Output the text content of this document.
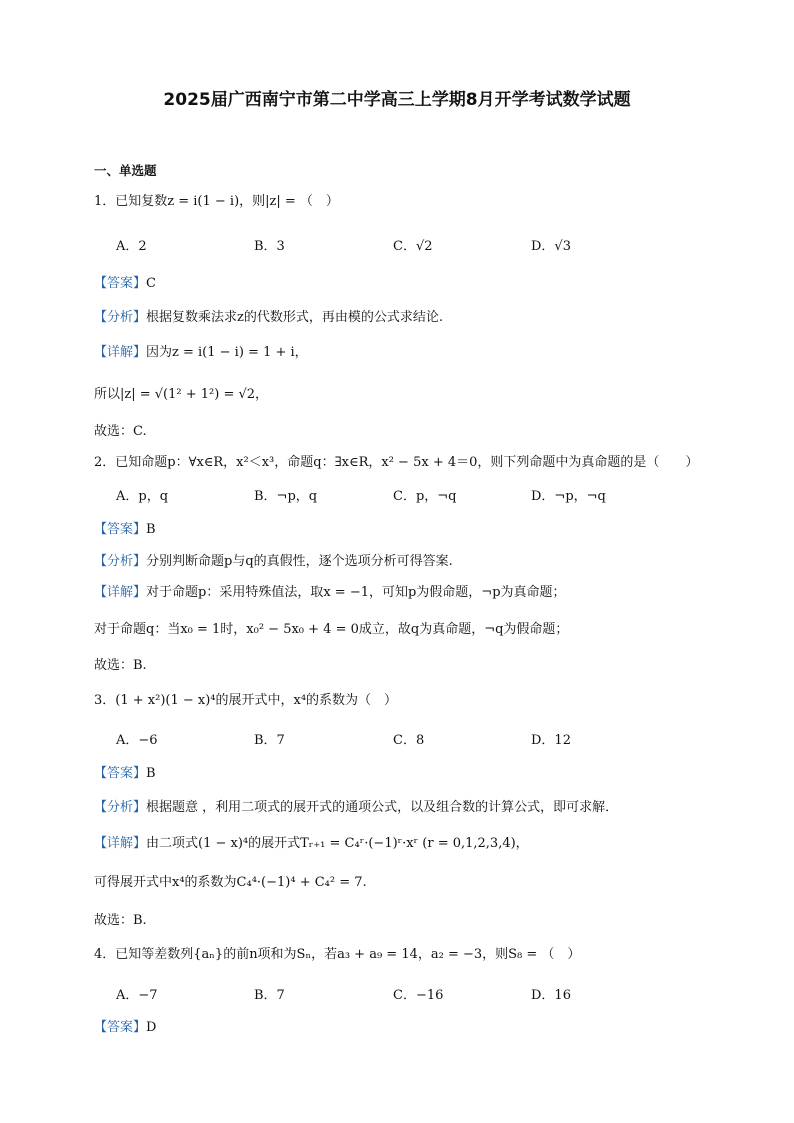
2025届广西南宁市第二中学高三上学期8月开学考试数学试题
一、单选题
1．已知复数z = i(1 − i)，则|z| = （　）
A．2	B．3	C．√2	D．√3
【答案】C
【分析】根据复数乘法求z的代数形式，再由模的公式求结论.
【详解】因为z = i(1 − i) = 1 + i，
所以|z| = √(1² + 1²) = √2，
故选：C.
2．已知命题p：∀x∈R，x²＜x³，命题q：∃x∈R，x² − 5x + 4＝0，则下列命题中为真命题的是（　　）
A．p，q	B．¬p，q	C．p，¬q	D．¬p，¬q
【答案】B
【分析】分别判断命题p与q的真假性，逐个选项分析可得答案.
【详解】对于命题p：采用特殊值法，取x = −1，可知p为假命题，¬p为真命题；
对于命题q：当x₀ = 1时，x₀² − 5x₀ + 4 = 0成立，故q为真命题，¬q为假命题；
故选：B.
3．(1 + x²)(1 − x)⁴的展开式中，x⁴的系数为（　）
A．−6	B．7	C．8	D．12
【答案】B
【分析】根据题意 ，利用二项式的展开式的通项公式，以及组合数的计算公式，即可求解．
【详解】由二项式(1 − x)⁴的展开式Tᵣ₊₁ = C₄ʳ·(−1)ʳ·xʳ (r = 0,1,2,3,4)，
可得展开式中x⁴的系数为C₄⁴·(−1)⁴ + C₄² = 7.
故选：B.
4．已知等差数列{aₙ}的前n项和为Sₙ，若a₃ + a₉ = 14，a₂ = −3，则S₈ = （　）
A．−7	B．7	C．−16	D．16
【答案】D
